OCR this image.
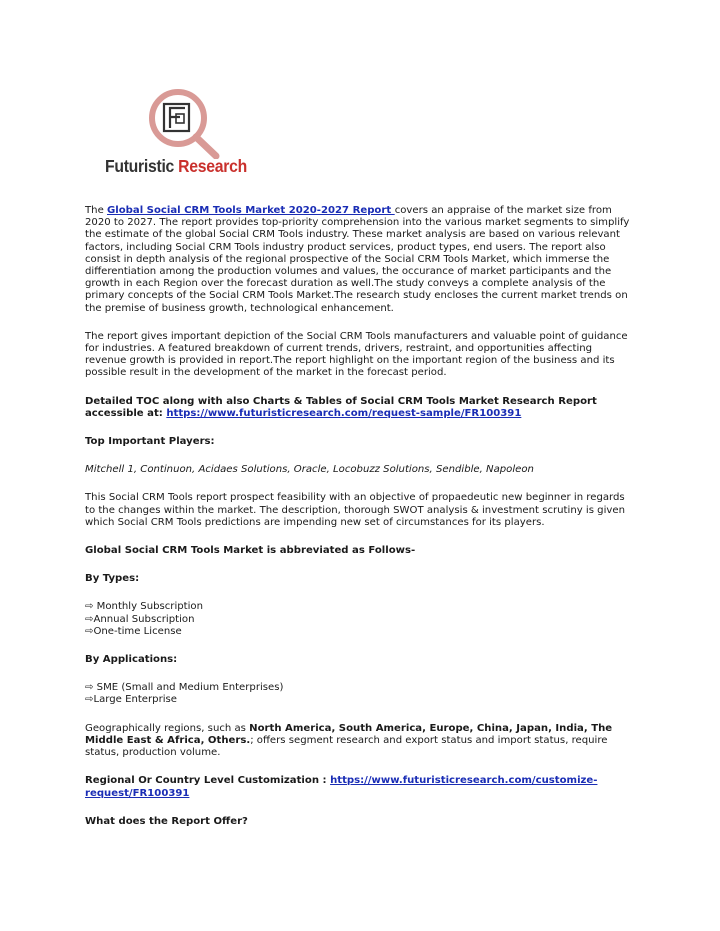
Futuristic Research

The Global Social CRM Tools Market 2020-2027 Report covers an appraise of the market size from 2020 to 2027. The report provides top-priority comprehension into the various market segments to simplify the estimate of the global Social CRM Tools industry. These market analysis are based on various relevant factors, including Social CRM Tools industry product services, product types, end users. The report also consist in depth analysis of the regional prospective of the Social CRM Tools Market, which immerse the differentiation among the production volumes and values, the occurance of market participants and the growth in each Region over the forecast duration as well.The study conveys a complete analysis of the primary concepts of the Social CRM Tools Market.The research study encloses the current market trends on the premise of business growth, technological enhancement.

The report gives important depiction of the Social CRM Tools manufacturers and valuable point of guidance for industries. A featured breakdown of current trends, drivers, restraint, and opportunities affecting revenue growth is provided in report.The report highlight on the important region of the business and its possible result in the development of the market in the forecast period.

Detailed TOC along with also Charts & Tables of Social CRM Tools Market Research Report accessible at: https://www.futuristicresearch.com/request-sample/FR100391

Top Important Players:

Mitchell 1, Continuon, Acidaes Solutions, Oracle, Locobuzz Solutions, Sendible, Napoleon

This Social CRM Tools report prospect feasibility with an objective of propaedeutic new beginner in regards to the changes within the market. The description, thorough SWOT analysis & investment scrutiny is given which Social CRM Tools predictions are impending new set of circumstances for its players.

Global Social CRM Tools Market is abbreviated as Follows-

By Types:

⇨ Monthly Subscription
⇨Annual Subscription
⇨One-time License

By Applications:

⇨ SME (Small and Medium Enterprises)
⇨Large Enterprise

Geographically regions, such as North America, South America, Europe, China, Japan, India, The Middle East & Africa, Others.; offers segment research and export status and import status, require status, production volume.

Regional Or Country Level Customization : https://www.futuristicresearch.com/customize-request/FR100391

What does the Report Offer?
